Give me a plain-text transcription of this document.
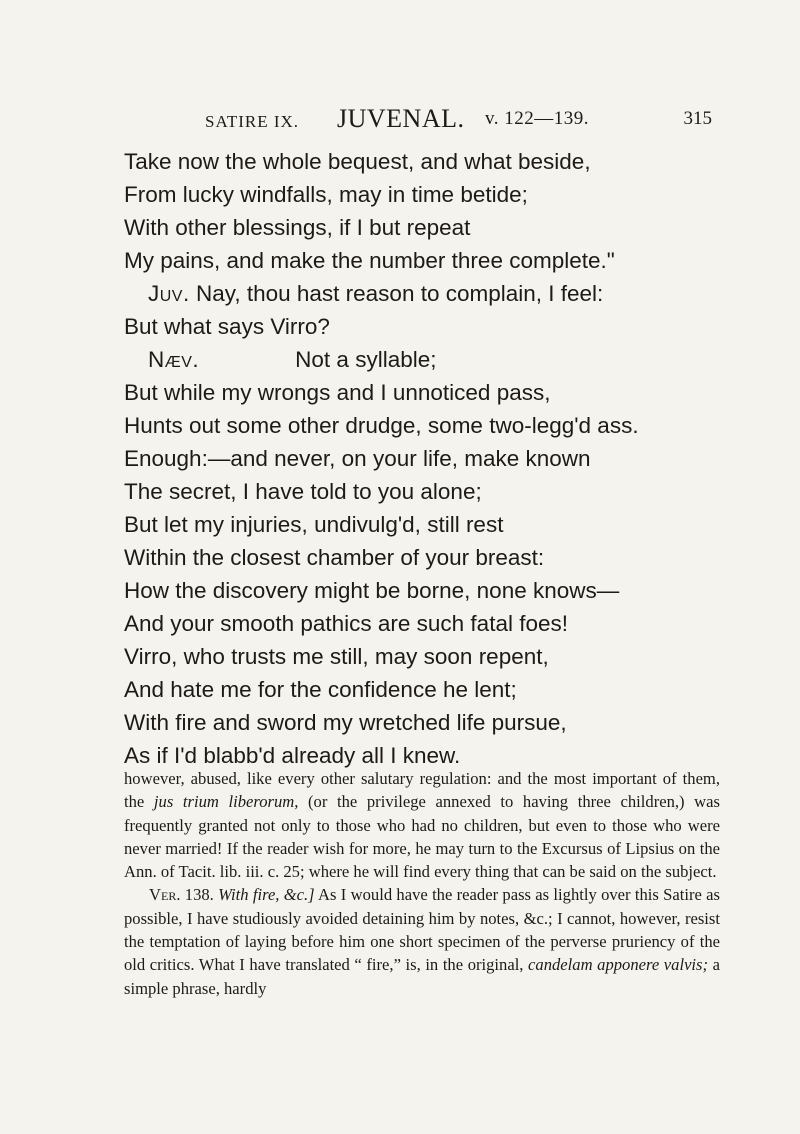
SATIRE IX. JUVENAL. v. 122—139.	315
Take now the whole bequest, and what beside,
From lucky windfalls, may in time betide;
With other blessings, if I but repeat
My pains, and make the number three complete."
Juv. Nay, thou hast reason to complain, I feel:
But what says Virro?
Næv.	Not a syllable;
But while my wrongs and I unnoticed pass,
Hunts out some other drudge, some two-legg'd ass.
Enough:—and never, on your life, make known
The secret, I have told to you alone;
But let my injuries, undivulg'd, still rest
Within the closest chamber of your breast:
How the discovery might be borne, none knows—
And your smooth pathics are such fatal foes!
Virro, who trusts me still, may soon repent,
And hate me for the confidence he lent;
With fire and sword my wretched life pursue,
As if I'd blabb'd already all I knew.

however, abused, like every other salutary regulation: and the most important of them, the jus trium liberorum, (or the privilege annexed to having three children,) was frequently granted not only to those who had no children, but even to those who were never married! If the reader wish for more, he may turn to the Excursus of Lipsius on the Ann. of Tacit. lib. iii. c. 25; where he will find every thing that can be said on the subject.

Ver. 138. With fire, &c.] As I would have the reader pass as lightly over this Satire as possible, I have studiously avoided detaining him by notes, &c.; I cannot, however, resist the temptation of laying before him one short specimen of the perverse pruriency of the old critics. What I have translated “ fire,” is, in the original, candelam apponere valvis; a simple phrase, hardly
